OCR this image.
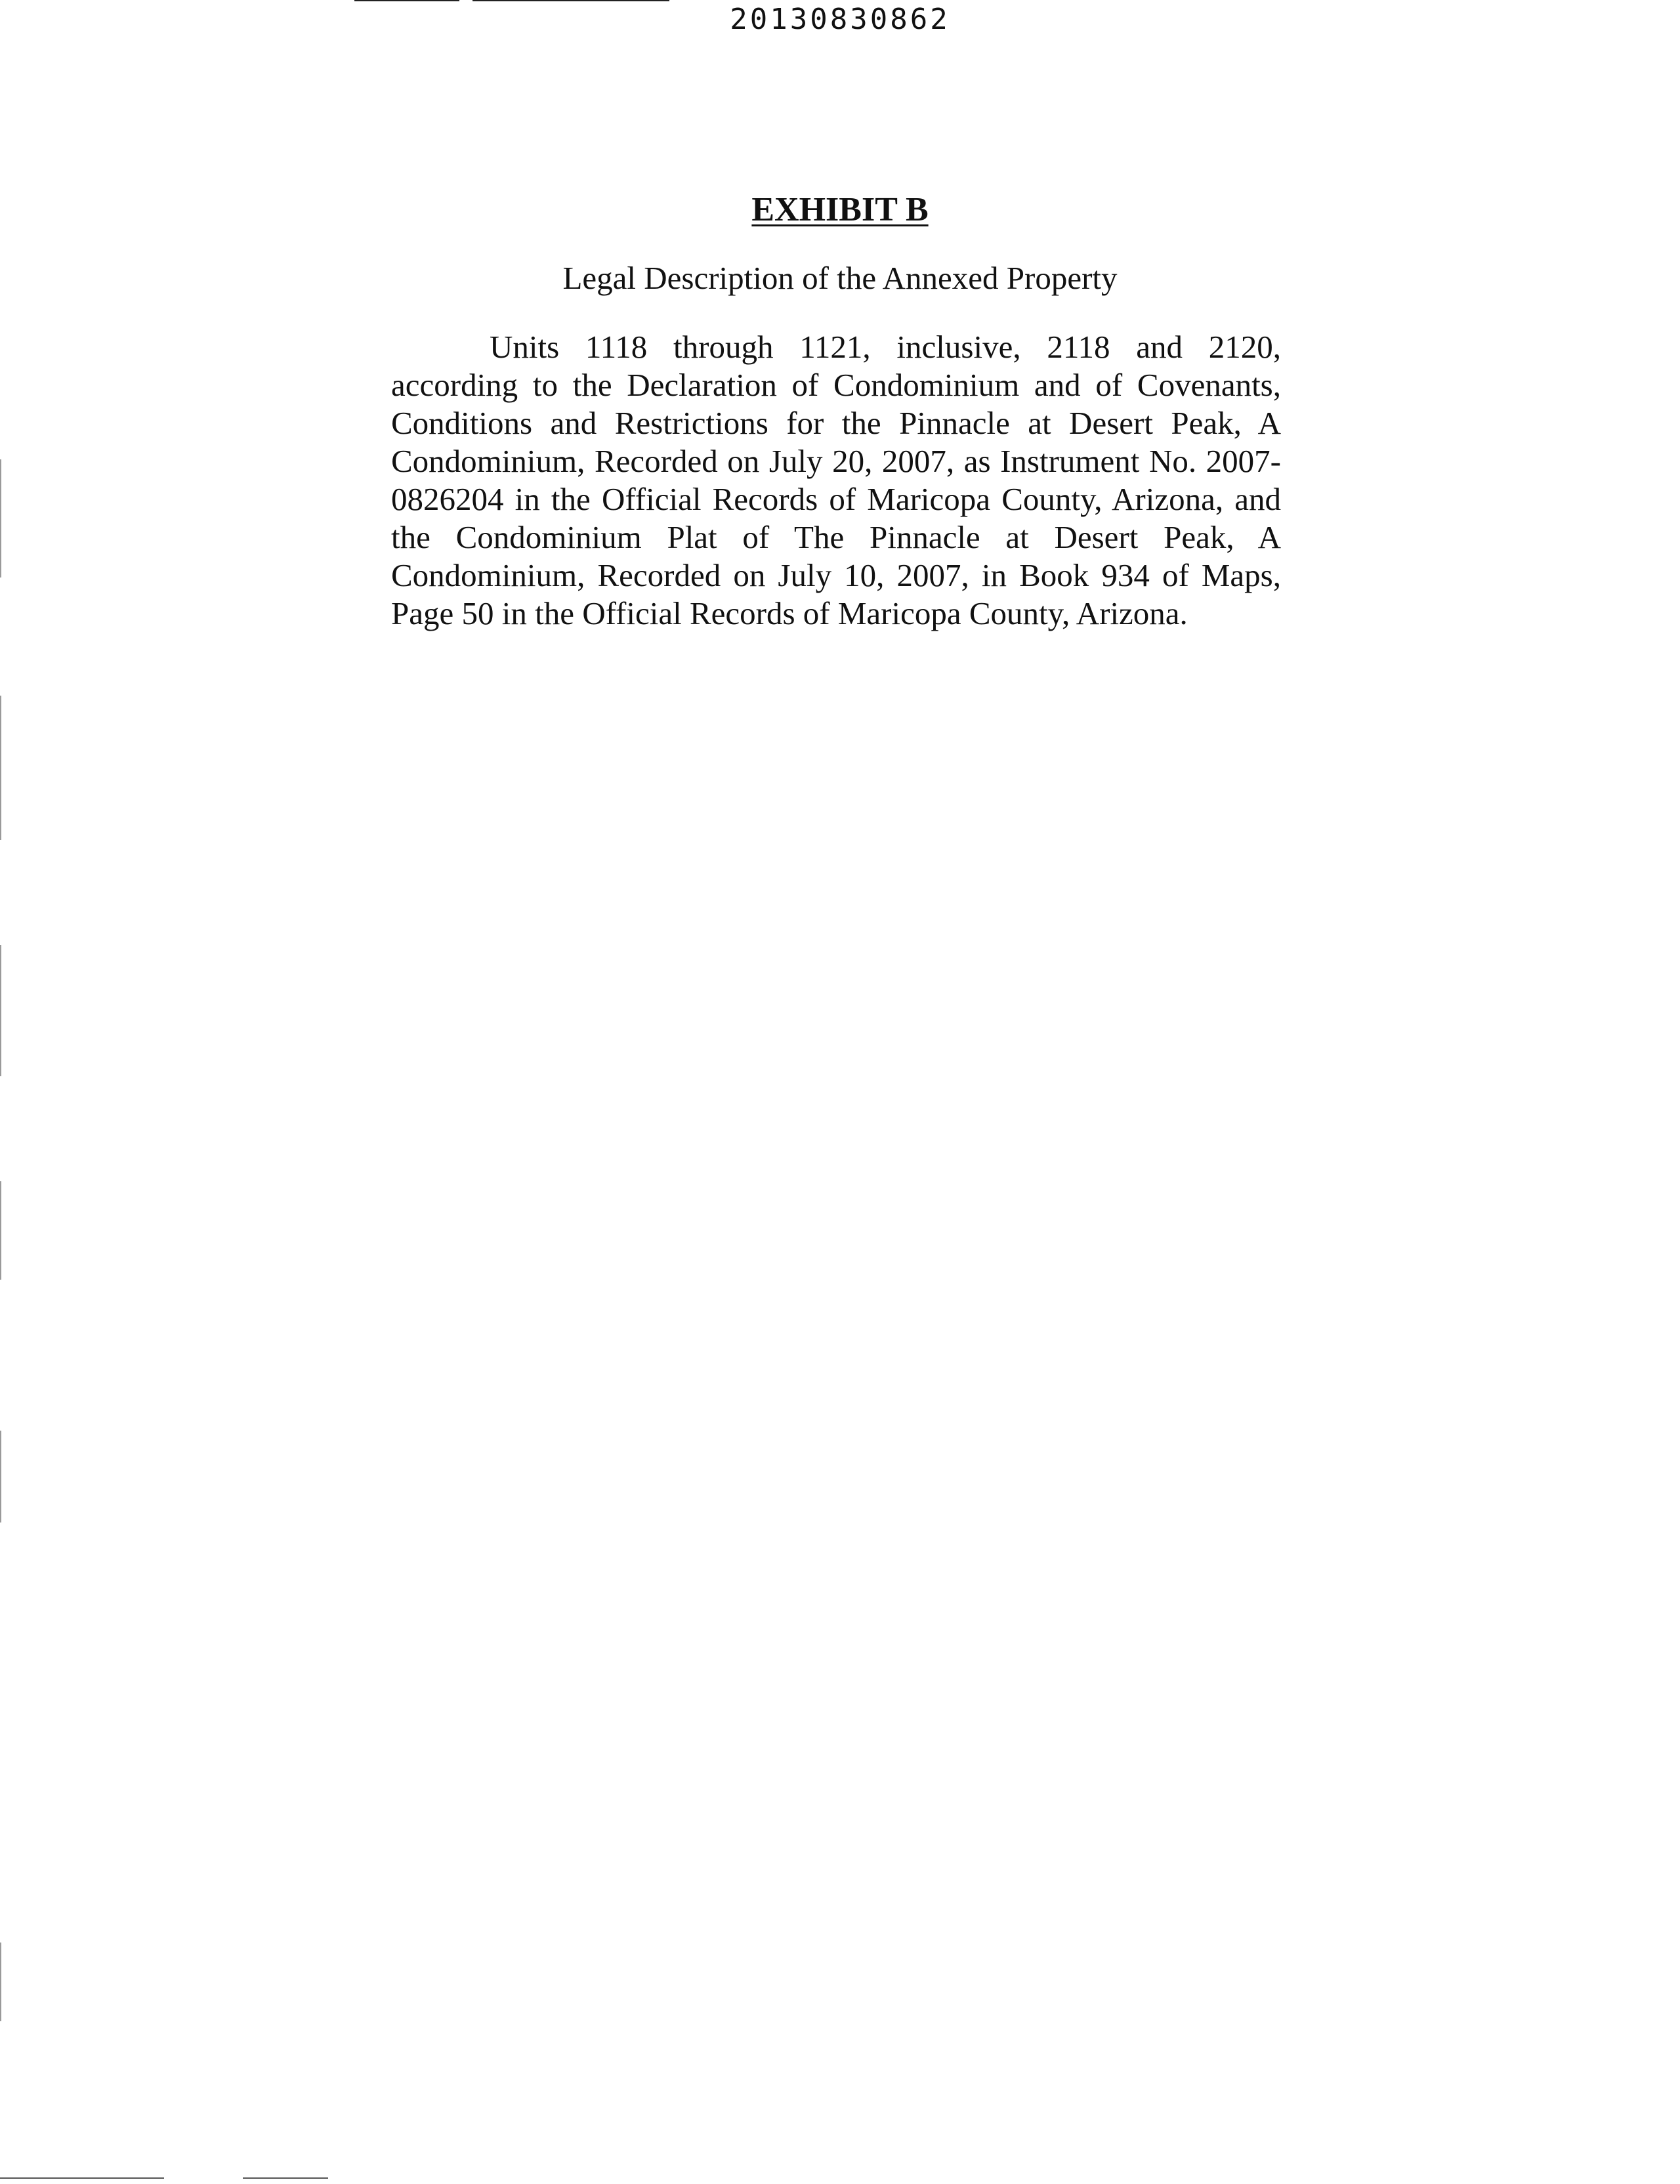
20130830862
EXHIBIT B
Legal Description of the Annexed Property

Units 1118 through 1121, inclusive, 2118 and 2120, according to the Declaration of Condominium and of Covenants, Conditions and Restrictions for the Pinnacle at Desert Peak, A Condominium, Recorded on July 20, 2007, as Instrument No. 2007-0826204 in the Official Records of Maricopa County, Arizona, and the Condominium Plat of The Pinnacle at Desert Peak, A Condominium, Recorded on July 10, 2007, in Book 934 of Maps, Page 50 in the Official Records of Maricopa County, Arizona.
